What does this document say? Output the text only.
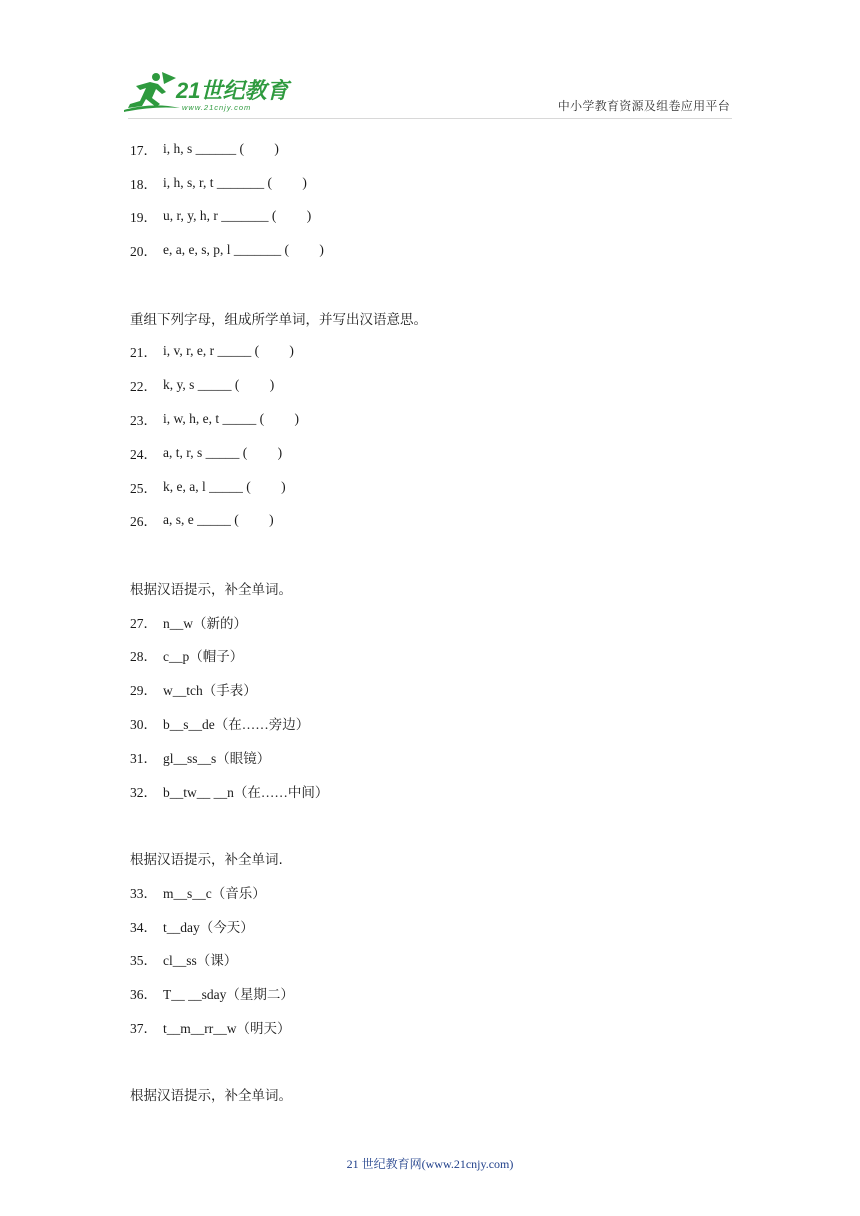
21世纪教育
www.21cnjy.com	中小学教育资源及组卷应用平台
17． i, h, s ______ (         )
18． i, h, s, r, t _______ (         )
19． u, r, y, h, r _______ (         )
20． e, a, e, s, p, l _______ (         )
重组下列字母，组成所学单词，并写出汉语意思。
21． i, v, r, e, r _____ (         )
22． k, y, s _____ (         )
23． i, w, h, e, t _____ (         )
24． a, t, r, s _____ (         )
25． k, e, a, l _____ (         )
26． a, s, e _____ (         )
根据汉语提示，补全单词。
27． n__w（新的）
28． c__p（帽子）
29． w__tch（手表）
30． b__s__de（在……旁边）
31． gl__ss__s（眼镜）
32． b__tw__ __n（在……中间）
根据汉语提示，补全单词.
33． m__s__c（音乐）
34． t__day（今天）
35． cl__ss（课）
36． T__ __sday（星期二）
37． t__m__rr__w（明天）
根据汉语提示，补全单词。
21 世纪教育网(www.21cnjy.com)
